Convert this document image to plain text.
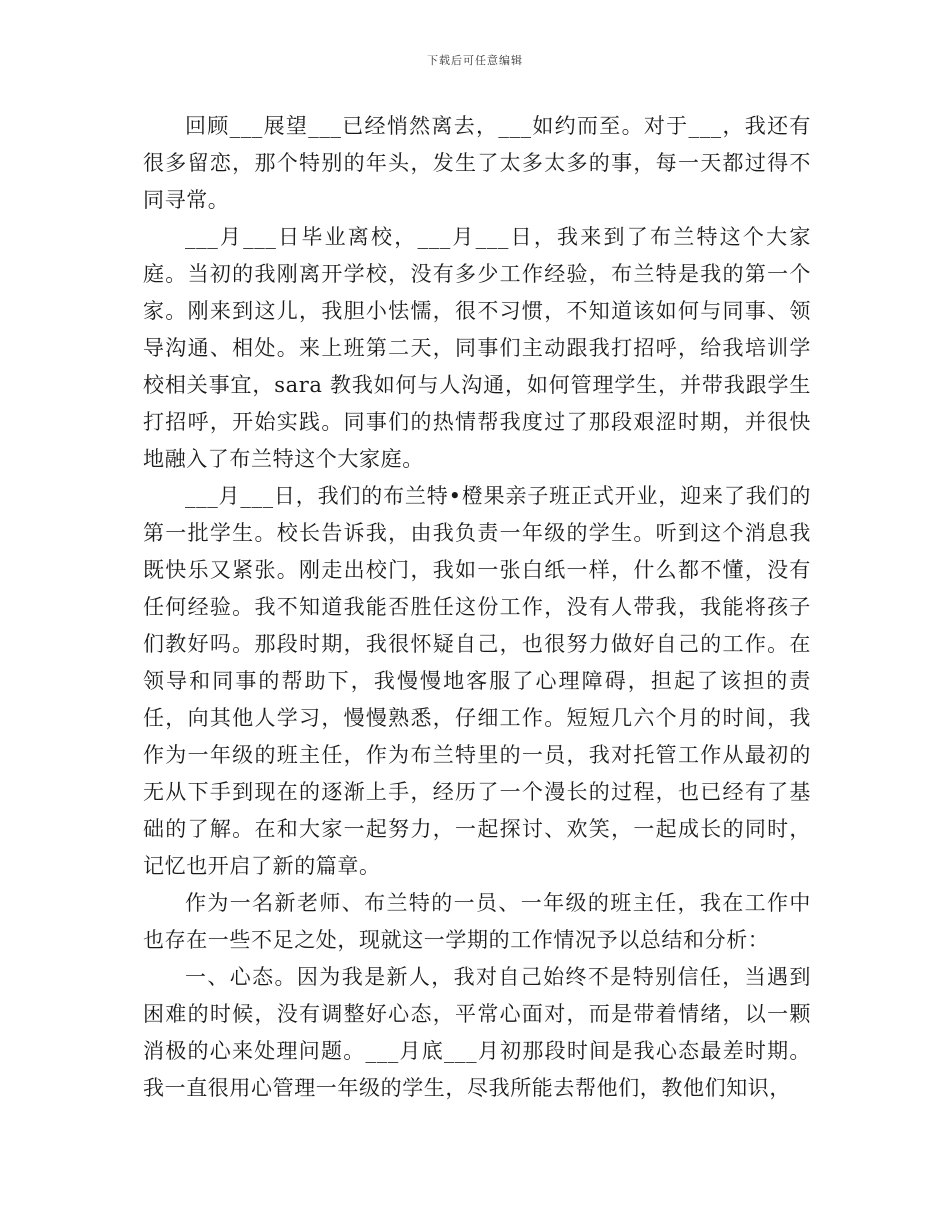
下载后可任意编辑

回顾___展望___已经悄然离去，___如约而至。对于___，我还有很多留恋，那个特别的年头，发生了太多太多的事，每一天都过得不同寻常。

___月___日毕业离校，___月___日，我来到了布兰特这个大家庭。当初的我刚离开学校，没有多少工作经验，布兰特是我的第一个家。刚来到这儿，我胆小怯懦，很不习惯，不知道该如何与同事、领导沟通、相处。来上班第二天，同事们主动跟我打招呼，给我培训学校相关事宜，sara 教我如何与人沟通，如何管理学生，并带我跟学生打招呼，开始实践。同事们的热情帮我度过了那段艰涩时期，并很快地融入了布兰特这个大家庭。

___月___日，我们的布兰特•橙果亲子班正式开业，迎来了我们的第一批学生。校长告诉我，由我负责一年级的学生。听到这个消息我既快乐又紧张。刚走出校门，我如一张白纸一样，什么都不懂，没有任何经验。我不知道我能否胜任这份工作，没有人带我，我能将孩子们教好吗。那段时期，我很怀疑自己，也很努力做好自己的工作。在领导和同事的帮助下，我慢慢地客服了心理障碍，担起了该担的责任，向其他人学习，慢慢熟悉，仔细工作。短短几六个月的时间，我作为一年级的班主任，作为布兰特里的一员，我对托管工作从最初的无从下手到现在的逐渐上手，经历了一个漫长的过程，也已经有了基础的了解。在和大家一起努力，一起探讨、欢笑，一起成长的同时，记忆也开启了新的篇章。

作为一名新老师、布兰特的一员、一年级的班主任，我在工作中也存在一些不足之处，现就这一学期的工作情况予以总结和分析：

一、心态。因为我是新人，我对自己始终不是特别信任，当遇到困难的时候，没有调整好心态，平常心面对，而是带着情绪，以一颗消极的心来处理问题。___月底___月初那段时间是我心态最差时期。我一直很用心管理一年级的学生，尽我所能去帮他们，教他们知识，
